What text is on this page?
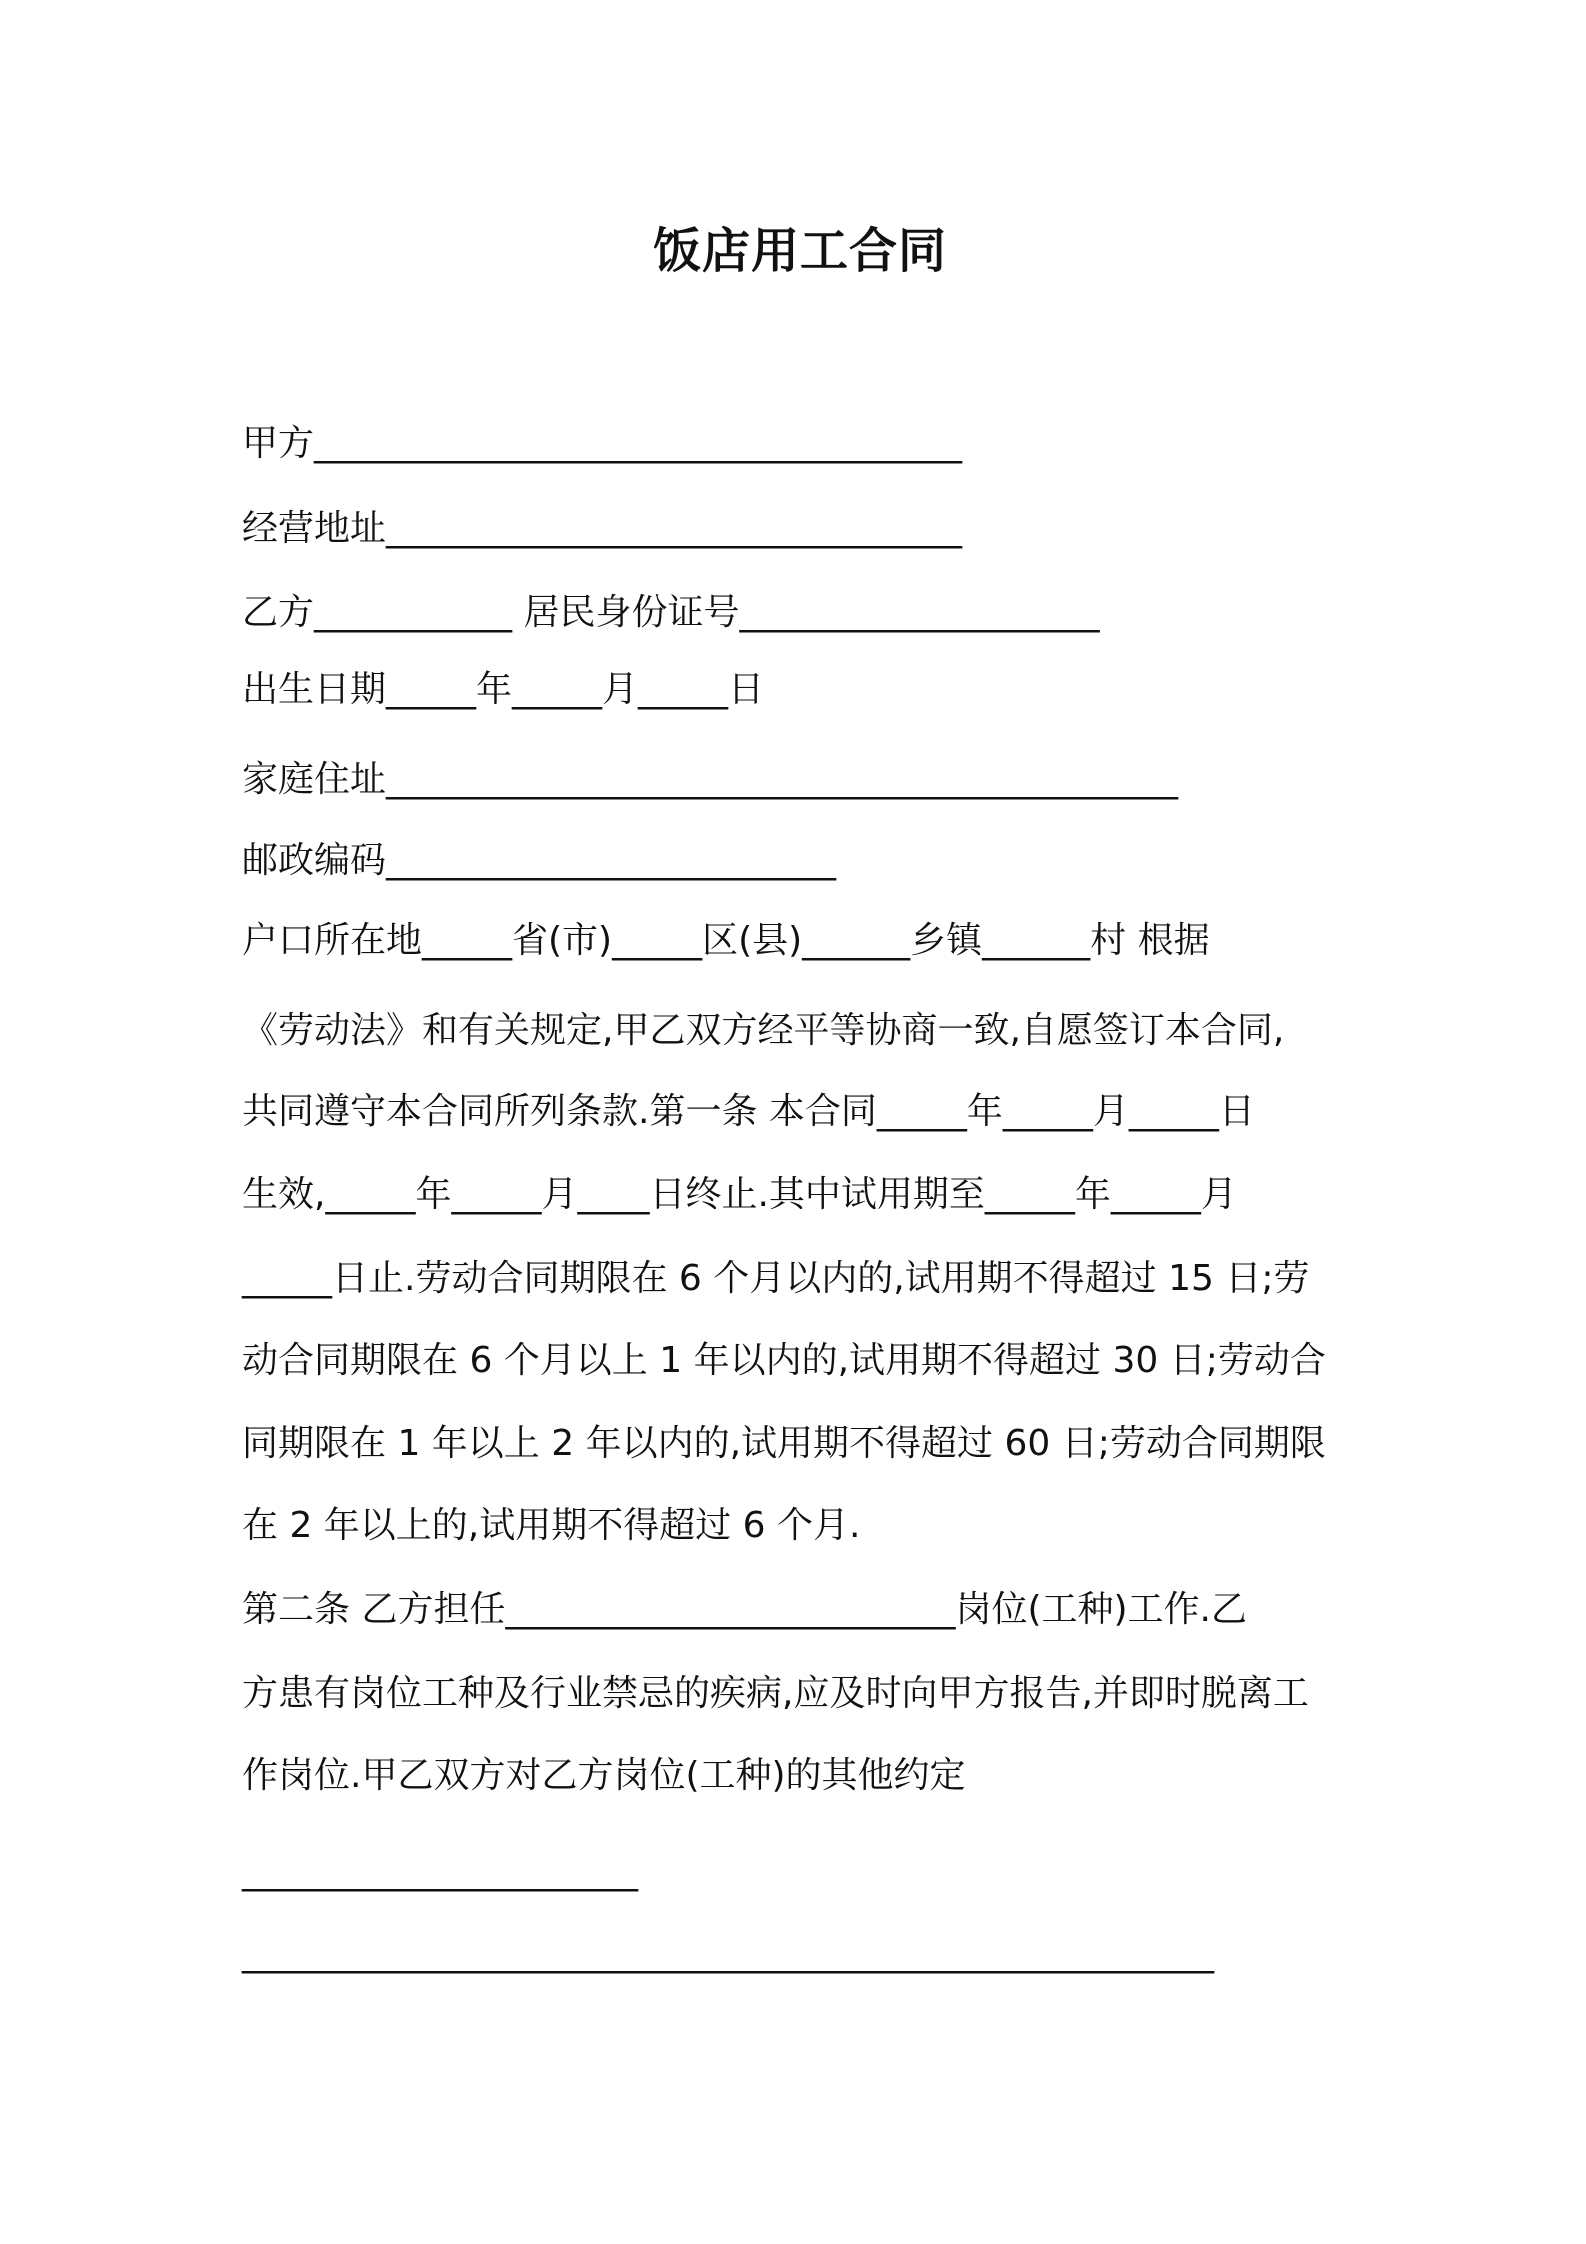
饭店用工合同
甲方____________________________________
经营地址________________________________
乙方___________ 居民身份证号____________________
出生日期_____年_____月_____日
家庭住址____________________________________________
邮政编码_________________________
户口所在地_____省(市)_____区(县)______乡镇______村 根据
《劳动法》和有关规定,甲乙双方经平等协商一致,自愿签订本合同,
共同遵守本合同所列条款.第一条 本合同_____年_____月_____日
生效,_____年_____月____日终止.其中试用期至_____年_____月
_____日止.劳动合同期限在 6 个月以内的,试用期不得超过 15 日;劳
动合同期限在 6 个月以上 1 年以内的,试用期不得超过 30 日;劳动合
同期限在 1 年以上 2 年以内的,试用期不得超过 60 日;劳动合同期限
在 2 年以上的,试用期不得超过 6 个月.
第二条 乙方担任_________________________岗位(工种)工作.乙
方患有岗位工种及行业禁忌的疾病,应及时向甲方报告,并即时脱离工
作岗位.甲乙双方对乙方岗位(工种)的其他约定
______________________
______________________________________________________
